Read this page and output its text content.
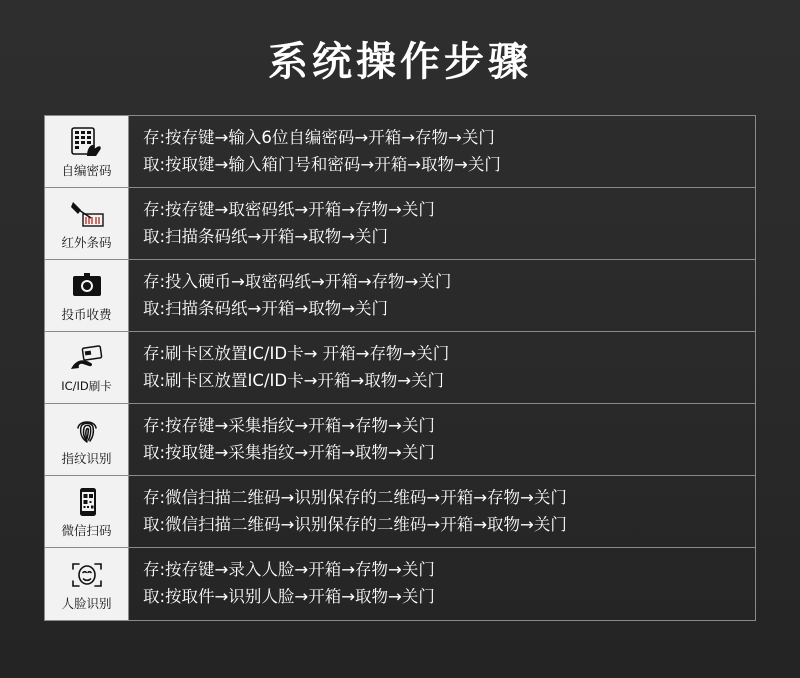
系统操作步骤
自编密码
存:按存键→输入6位自编密码→开箱→存物→关门
取:按取键→输入箱门号和密码→开箱→取物→关门
红外条码
存:按存键→取密码纸→开箱→存物→关门
取:扫描条码纸→开箱→取物→关门
投币收费
存:投入硬币→取密码纸→开箱→存物→关门
取:扫描条码纸→开箱→取物→关门
IC/ID刷卡
存:刷卡区放置IC/ID卡→ 开箱→存物→关门
取:刷卡区放置IC/ID卡→开箱→取物→关门
指纹识别
存:按存键→采集指纹→开箱→存物→关门
取:按取键→采集指纹→开箱→取物→关门
微信扫码
存:微信扫描二维码→识别保存的二维码→开箱→存物→关门
取:微信扫描二维码→识别保存的二维码→开箱→取物→关门
人脸识别
存:按存键→录入人脸→开箱→存物→关门
取:按取件→识别人脸→开箱→取物→关门
